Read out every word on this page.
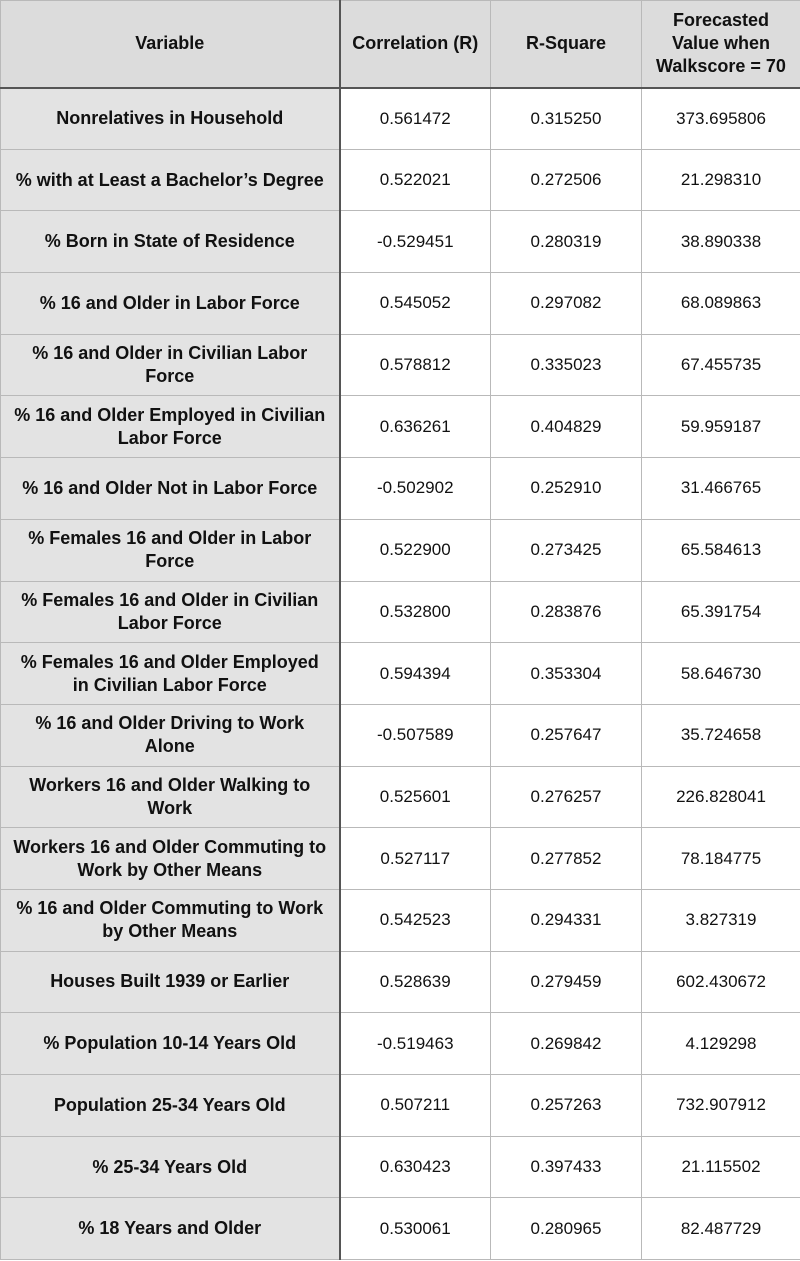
Variable	Correlation (R)	R-Square	Forecasted Value when Walkscore = 70
Nonrelatives in Household	0.561472	0.315250	373.695806
% with at Least a Bachelor’s Degree	0.522021	0.272506	21.298310
% Born in State of Residence	-0.529451	0.280319	38.890338
% 16 and Older in Labor Force	0.545052	0.297082	68.089863
% 16 and Older in Civilian Labor Force	0.578812	0.335023	67.455735
% 16 and Older Employed in Civilian Labor Force	0.636261	0.404829	59.959187
% 16 and Older Not in Labor Force	-0.502902	0.252910	31.466765
% Females 16 and Older in Labor Force	0.522900	0.273425	65.584613
% Females 16 and Older in Civilian Labor Force	0.532800	0.283876	65.391754
% Females 16 and Older Employed in Civilian Labor Force	0.594394	0.353304	58.646730
% 16 and Older Driving to Work Alone	-0.507589	0.257647	35.724658
Workers 16 and Older Walking to Work	0.525601	0.276257	226.828041
Workers 16 and Older Commuting to Work by Other Means	0.527117	0.277852	78.184775
% 16 and Older Commuting to Work by Other Means	0.542523	0.294331	3.827319
Houses Built 1939 or Earlier	0.528639	0.279459	602.430672
% Population 10-14 Years Old	-0.519463	0.269842	4.129298
Population 25-34 Years Old	0.507211	0.257263	732.907912
% 25-34 Years Old	0.630423	0.397433	21.115502
% 18 Years and Older	0.530061	0.280965	82.487729
